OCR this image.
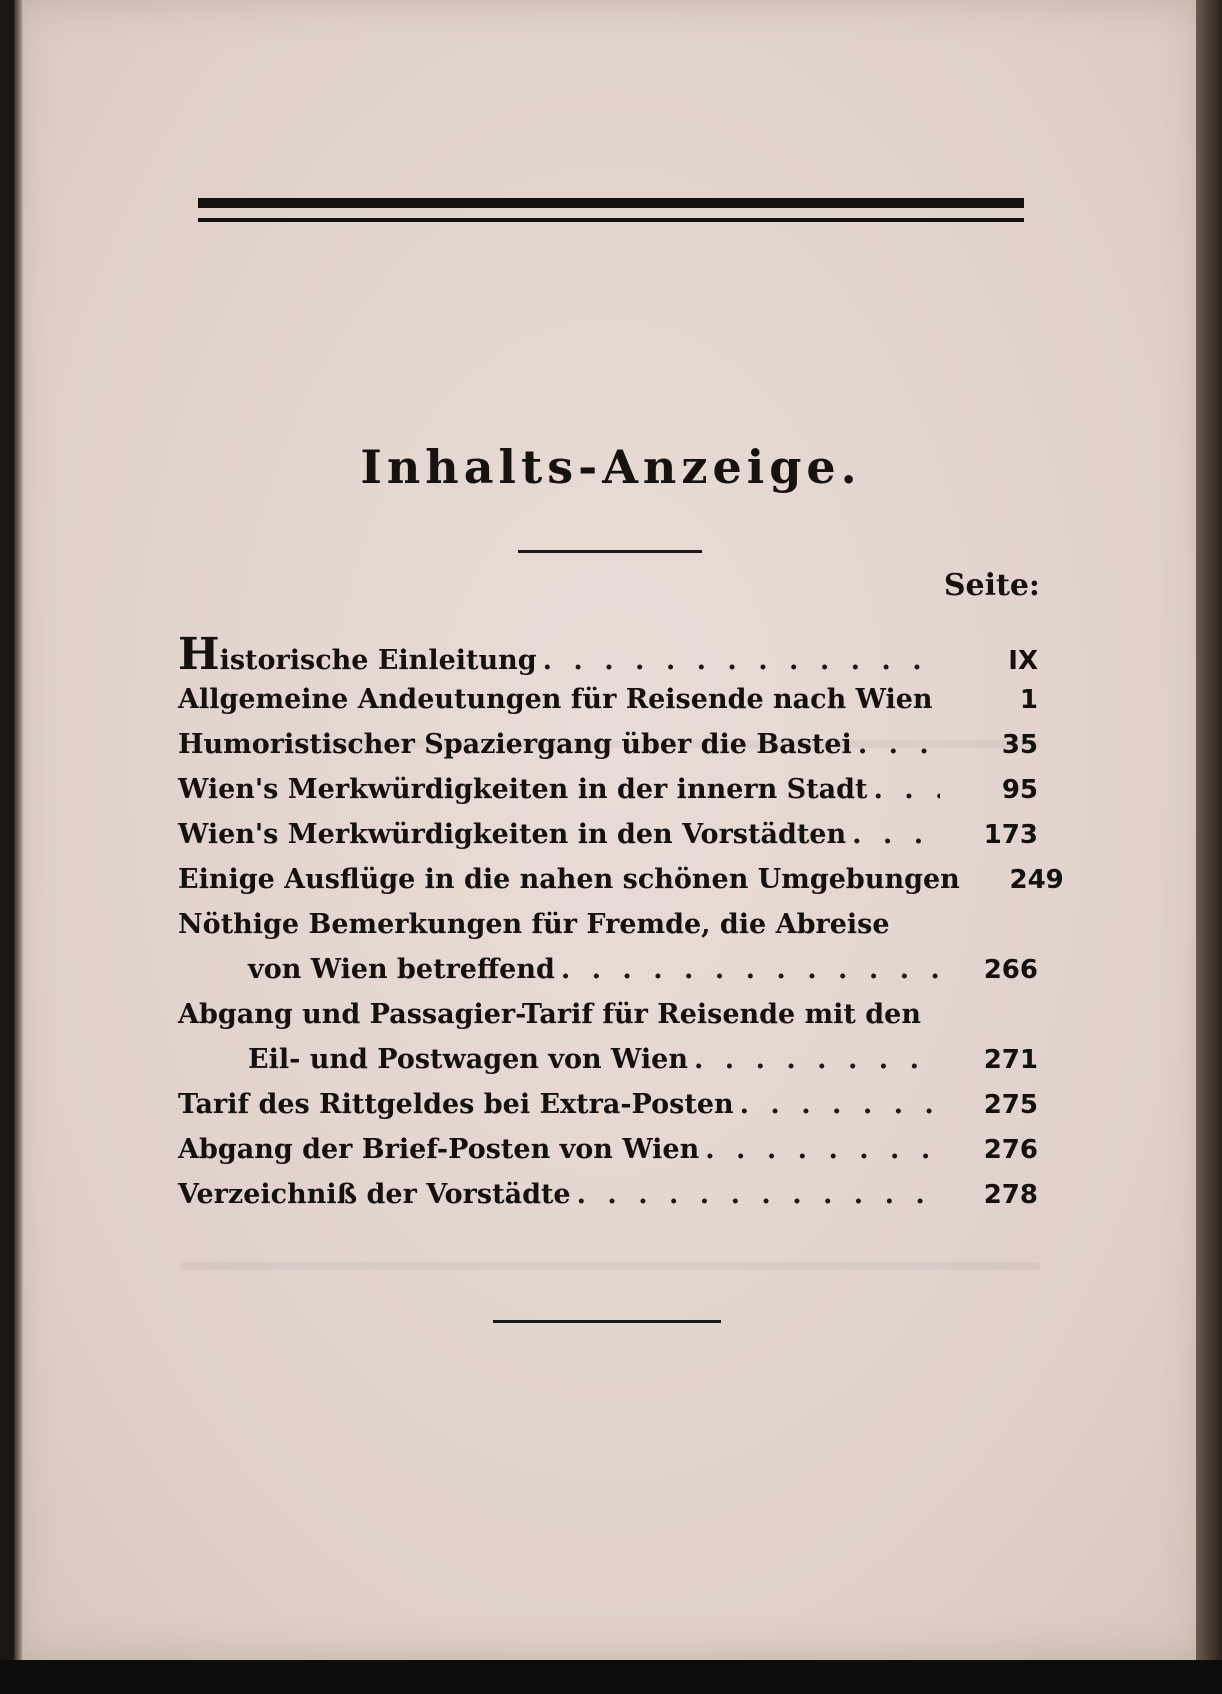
Inhalts-Anzeige.
Seite:
Historische Einleitung . . .	IX
Allgemeine Andeutungen für Reisende nach Wien . . .	1
Humoristischer Spaziergang über die Bastei . . .	35
Wien's Merkwürdigkeiten in der innern Stadt . . .	95
Wien's Merkwürdigkeiten in den Vorstädten . . .	173
Einige Ausflüge in die nahen schönen Umgebungen	249
Nöthige Bemerkungen für Fremde, die Abreise
von Wien betreffend . . .	266
Abgang und Passagier-Tarif für Reisende mit den
Eil- und Postwagen von Wien . . .	271
Tarif des Rittgeldes bei Extra-Posten . . .	275
Abgang der Brief-Posten von Wien . . .	276
Verzeichniß der Vorstädte . . .	278
